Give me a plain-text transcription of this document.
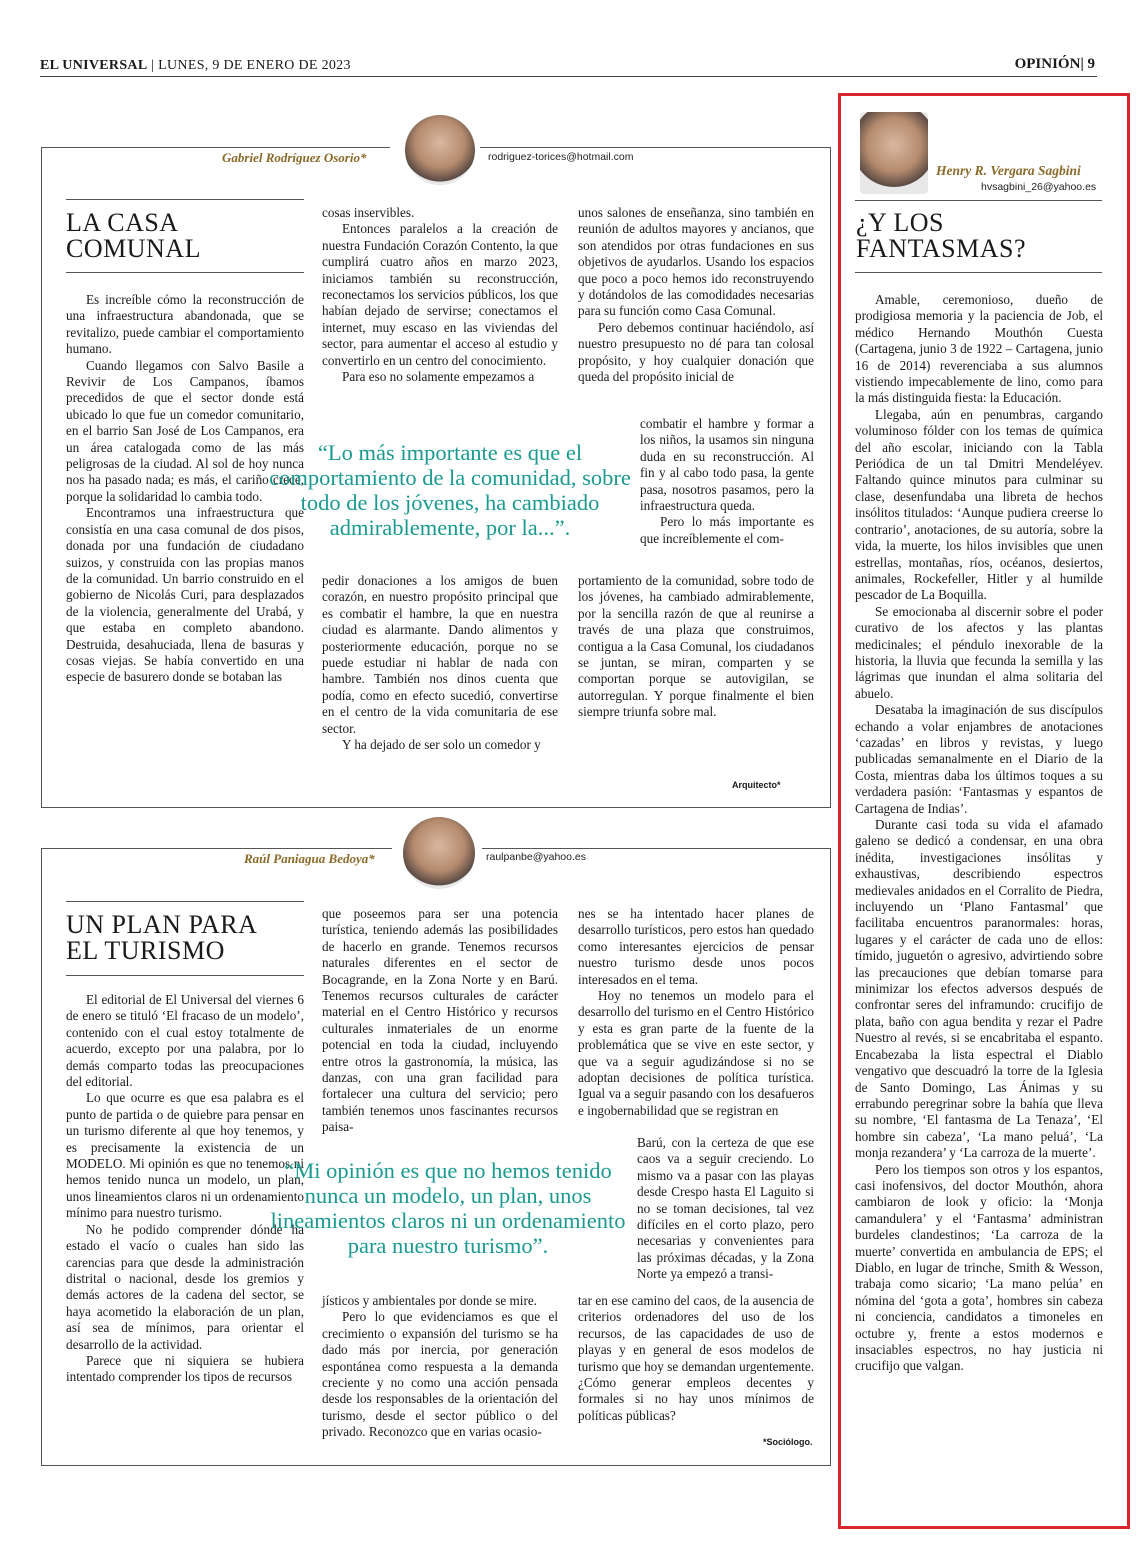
EL UNIVERSAL | LUNES, 9 DE ENERO DE 2023	OPINIÓN| 9
Gabriel Rodríguez Osorio*	rodriguez-torices@hotmail.com
LA CASA
COMUNAL

Es increíble cómo la reconstrucción de una infraestructura abandonada, que se revitalizo, puede cambiar el comportamiento humano.

Cuando llegamos con Salvo Basile a Revivir de Los Campanos, íbamos precedidos de que el sector donde está ubicado lo que fue un comedor comunitario, en el barrio San José de Los Campanos, era un área catalogada como de las más peligrosas de la ciudad. Al sol de hoy nunca nos ha pasado nada; es más, el cariño crece, porque la solidaridad lo cambia todo.

Encontramos una infraestructura que consistía en una casa comunal de dos pisos, donada por una fundación de ciudadano suizos, y construida con las propias manos de la comunidad. Un barrio construido en el gobierno de Nicolás Curi, para desplazados de la violencia, generalmente del Urabá, y que estaba en completo abandono. Destruida, desahuciada, llena de basuras y cosas viejas. Se había convertido en una especie de basurero donde se botaban las

cosas inservibles.

Entonces paralelos a la creación de nuestra Fundación Corazón Contento, la que cumplirá cuatro años en marzo 2023, iniciamos también su reconstrucción, reconectamos los servicios públicos, los que habían dejado de servirse; conectamos el internet, muy escaso en las viviendas del sector, para aumentar el acceso al estudio y convertirlo en un centro del conocimiento.

Para eso no solamente empezamos a

pedir donaciones a los amigos de buen corazón, en nuestro propósito principal que es combatir el hambre, la que en nuestra ciudad es alarmante. Dando alimentos y posteriormente educación, porque no se puede estudiar ni hablar de nada con hambre. También nos dinos cuenta que podía, como en efecto sucedió, convertirse en el centro de la vida comunitaria de ese sector.

Y ha dejado de ser solo un comedor y

unos salones de enseñanza, sino también en reunión de adultos mayores y ancianos, que son atendidos por otras fundaciones en sus objetivos de ayudarlos. Usando los espacios que poco a poco hemos ido reconstruyendo y dotándolos de las comodidades necesarias para su función como Casa Comunal.

Pero debemos continuar haciéndolo, así nuestro presupuesto no dé para tan colosal propósito, y hoy cualquier donación que queda del propósito inicial de

combatir el hambre y formar a los niños, la usamos sin ninguna duda en su reconstrucción. Al fin y al cabo todo pasa, la gente pasa, nosotros pasamos, pero la infraestructura queda.

Pero lo más importante es que increíblemente el com-

portamiento de la comunidad, sobre todo de los jóvenes, ha cambiado admirablemente, por la sencilla razón de que al reunirse a través de una plaza que construimos, contigua a la Casa Comunal, los ciudadanos se juntan, se miran, comparten y se comportan porque se autovigilan, se autorregulan. Y porque finalmente el bien siempre triunfa sobre mal.

“Lo más importante es que el comportamiento de la comunidad, sobre todo de los jóvenes, ha cambiado admirablemente, por la...”.
Arquitecto*
Raúl Paniagua Bedoya*	raulpanbe@yahoo.es
UN PLAN PARA
EL TURISMO

El editorial de El Universal del viernes 6 de enero se tituló ‘El fracaso de un modelo’, contenido con el cual estoy totalmente de acuerdo, excepto por una palabra, por lo demás comparto todas las preocupaciones del editorial.

Lo que ocurre es que esa palabra es el punto de partida o de quiebre para pensar en un turismo diferente al que hoy tenemos, y es precisamente la existencia de un MODELO. Mi opinión es que no tenemos ni hemos tenido nunca un modelo, un plan, unos lineamientos claros ni un ordenamiento mínimo para nuestro turismo.

No he podido comprender dónde ha estado el vacío o cuales han sido las carencias para que desde la administración distrital o nacional, desde los gremios y demás actores de la cadena del sector, se haya acometido la elaboración de un plan, así sea de mínimos, para orientar el desarrollo de la actividad.

Parece que ni siquiera se hubiera intentado comprender los tipos de recursos

que poseemos para ser una potencia turística, teniendo además las posibilidades de hacerlo en grande. Tenemos recursos naturales diferentes en el sector de Bocagrande, en la Zona Norte y en Barú. Tenemos recursos culturales de carácter material en el Centro Histórico y recursos culturales inmateriales de un enorme potencial en toda la ciudad, incluyendo entre otros la gastronomía, la música, las danzas, con una gran facilidad para fortalecer una cultura del servicio; pero también tenemos unos fascinantes recursos paisa-

jísticos y ambientales por donde se mire.

Pero lo que evidenciamos es que el crecimiento o expansión del turismo se ha dado más por inercia, por generación espontánea como respuesta a la demanda creciente y no como una acción pensada desde los responsables de la orientación del turismo, desde el sector público o del privado. Reconozco que en varias ocasio-

nes se ha intentado hacer planes de desarrollo turísticos, pero estos han quedado como interesantes ejercicios de pensar nuestro turismo desde unos pocos interesados en el tema.

Hoy no tenemos un modelo para el desarrollo del turismo en el Centro Histórico y esta es gran parte de la fuente de la problemática que se vive en este sector, y que va a seguir agudizándose si no se adoptan decisiones de política turística. Igual va a seguir pasando con los desafueros e ingobernabilidad que se registran en

Barú, con la certeza de que ese caos va a seguir creciendo. Lo mismo va a pasar con las playas desde Crespo hasta El Laguito si no se toman decisiones, tal vez difíciles en el corto plazo, pero necesarias y convenientes para las próximas décadas, y la Zona Norte ya empezó a transi-

tar en ese camino del caos, de la ausencia de criterios ordenadores del uso de los recursos, de las capacidades de uso de playas y en general de esos modelos de turismo que hoy se demandan urgentemente. ¿Cómo generar empleos decentes y formales si no hay unos mínimos de políticas públicas?

“Mi opinión es que no hemos tenido nunca un modelo, un plan, unos lineamientos claros ni un ordenamiento para nuestro turismo”.
*Sociólogo.
Henry R. Vergara Sagbini
hvsagbini_26@yahoo.es
¿Y LOS
FANTASMAS?

Amable, ceremonioso, dueño de prodigiosa memoria y la paciencia de Job, el médico Hernando Mouthón Cuesta (Cartagena, junio 3 de 1922 – Cartagena, junio 16 de 2014) reverenciaba a sus alumnos vistiendo impecablemente de lino, como para la más distinguida fiesta: la Educación.

Llegaba, aún en penumbras, cargando voluminoso fólder con los temas de química del año escolar, iniciando con la Tabla Periódica de un tal Dmitri Mendeléyev. Faltando quince minutos para culminar su clase, desenfundaba una libreta de hechos insólitos titulados: ‘Aunque pudiera creerse lo contrario’, anotaciones, de su autoría, sobre la vida, la muerte, los hilos invisibles que unen estrellas, montañas, ríos, océanos, desiertos, animales, Rockefeller, Hitler y al humilde pescador de La Boquilla.

Se emocionaba al discernir sobre el poder curativo de los afectos y las plantas medicinales; el péndulo inexorable de la historia, la lluvia que fecunda la semilla y las lágrimas que inundan el alma solitaria del abuelo.

Desataba la imaginación de sus discípulos echando a volar enjambres de anotaciones ‘cazadas’ en libros y revistas, y luego publicadas semanalmente en el Diario de la Costa, mientras daba los últimos toques a su verdadera pasión: ‘Fantasmas y espantos de Cartagena de Indias’.

Durante casi toda su vida el afamado galeno se dedicó a condensar, en una obra inédita, investigaciones insólitas y exhaustivas, describiendo espectros medievales anidados en el Corralito de Piedra, incluyendo un ‘Plano Fantasmal’ que facilitaba encuentros paranormales: horas, lugares y el carácter de cada uno de ellos: tímido, juguetón o agresivo, advirtiendo sobre las precauciones que debían tomarse para minimizar los efectos adversos después de confrontar seres del inframundo: crucifijo de plata, baño con agua bendita y rezar el Padre Nuestro al revés, si se encabritaba el espanto. Encabezaba la lista espectral el Diablo vengativo que descuadró la torre de la Iglesia de Santo Domingo, Las Ánimas y su errabundo peregrinar sobre la bahía que lleva su nombre, ‘El fantasma de La Tenaza’, ‘El hombre sin cabeza’, ‘La mano peluá’, ‘La monja rezandera’ y ‘La carroza de la muerte’.

Pero los tiempos son otros y los espantos, casi inofensivos, del doctor Mouthón, ahora cambiaron de look y oficio: la ‘Monja camandulera’ y el ‘Fantasma’ administran burdeles clandestinos; ‘La carroza de la muerte’ convertida en ambulancia de EPS; el Diablo, en lugar de trinche, Smith & Wesson, trabaja como sicario; ‘La mano pelúa’ en nómina del ‘gota a gota’, hombres sin cabeza ni conciencia, candidatos a timoneles en octubre y, frente a estos modernos e insaciables espectros, no hay justicia ni crucifijo que valgan.
